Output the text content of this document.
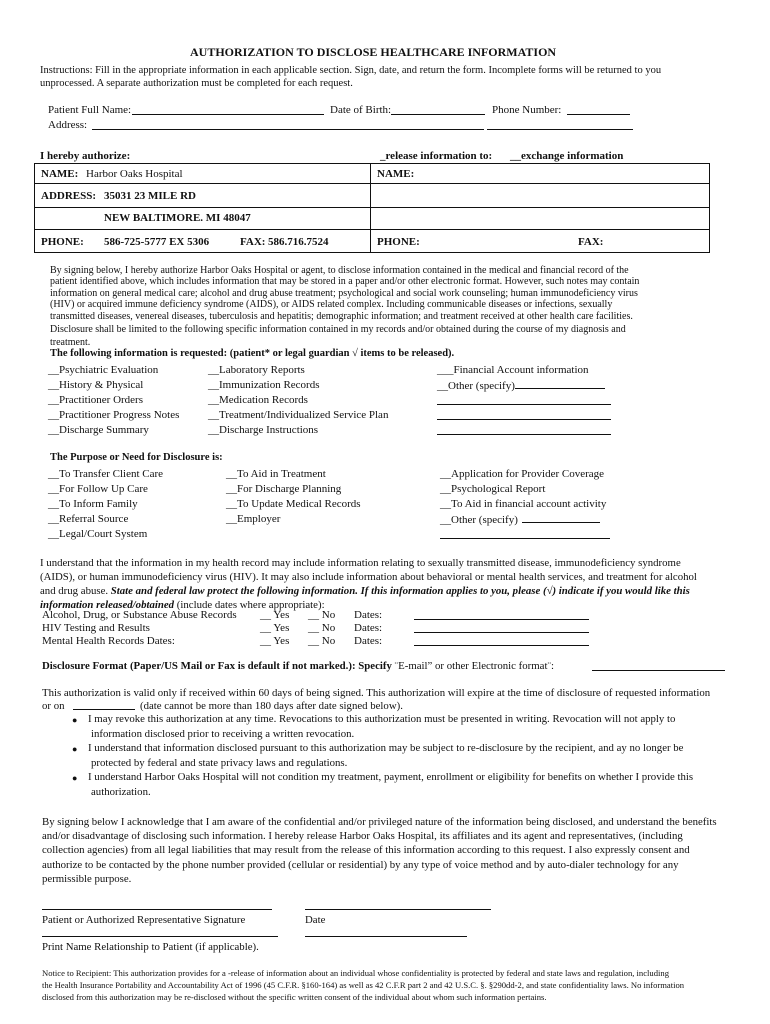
AUTHORIZATION TO DISCLOSE HEALTHCARE INFORMATION
Instructions: Fill in the appropriate information in each applicable section. Sign, date, and return the form. Incomplete forms will be returned to you
unprocessed. A separate authorization must be completed for each request.
Patient Full Name:	Date of Birth:	Phone Number:
Address:
I hereby authorize:	_release information to: __exchange information
NAME: Harbor Oaks Hospital	NAME:
ADDRESS: 35031 23 MILE RD
NEW BALTIMORE. MI 48047
PHONE: 586-725-5777 EX 5306	FAX: 586.716.7524	PHONE:	FAX:
By signing below, I hereby authorize Harbor Oaks Hospital or agent, to disclose information contained in the medical and financial record of the
patient identified above, which includes information that may be stored in a paper and/or other electronic format. However, such notes may contain
information on general medical care; alcohol and drug abuse treatment; psychological and social work counseling; human immunodeficiency virus
(HIV) or acquired immune deficiency syndrome (AIDS), or AIDS related complex. Including communicable diseases or infections, sexually
transmitted diseases, venereal diseases, tuberculosis and hepatitis; demographic information; and treatment received at other health care facilities.
Disclosure shall be limited to the following specific information contained in my records and/or obtained during the course of my diagnosis and
treatment.
The following information is requested: (patient* or legal guardian √ items to be released).
__Psychiatric Evaluation
__History & Physical
__Practitioner Orders
__Practitioner Progress Notes
__Discharge Summary
__Laboratory Reports
__Immunization Records
__Medication Records
__Treatment/Individualized Service Plan
__Discharge Instructions
___Financial Account information
__Other (specify)
The Purpose or Need for Disclosure is:
__To Transfer Client Care
__For Follow Up Care
__To Inform Family
__Referral Source
__Legal/Court System
__To Aid in Treatment
__For Discharge Planning
__To Update Medical Records
__Employer
__Application for Provider Coverage
__Psychological Report
__To Aid in financial account activity
__Other (specify)
I understand that the information in my health record may include information relating to sexually transmitted disease, immunodeficiency syndrome
(AIDS), or human immunodeficiency virus (HIV). It may also include information about behavioral or mental health services, and treatment for alcohol
and drug abuse. State and federal law protect the following information. If this information applies to you, please (√) indicate if you would like this
information released/obtained (include dates where appropriate):
Alcohol, Drug, or Substance Abuse Records __ Yes __ No Dates:
HIV Testing and Results	__ Yes __ No Dates:
Mental Health Records Dates:	__ Yes __ No Dates:
Disclosure Format (Paper/US Mail or Fax is default if not marked.): Specify ¨E-mail” or other Electronic format¨:
This authorization is valid only if received within 60 days of being signed. This authorization will expire at the time of disclosure of requested information
or on	(date cannot be more than 180 days after date signed below).
● I may revoke this authorization at any time. Revocations to this authorization must be presented in writing. Revocation will not apply to
information disclosed prior to receiving a written revocation.
● I understand that information disclosed pursuant to this authorization may be subject to re-disclosure by the recipient, and ay no longer be
protected by federal and state privacy laws and regulations.
● I understand Harbor Oaks Hospital will not condition my treatment, payment, enrollment or eligibility for benefits on whether I provide this
authorization.
By signing below I acknowledge that I am aware of the confidential and/or privileged nature of the information being disclosed, and understand the benefits
and/or disadvantage of disclosing such information. I hereby release Harbor Oaks Hospital, its affiliates and its agent and representatives, (including
collection agencies) from all legal liabilities that may result from the release of this information according to this request. I also expressly consent and
authorize to be contacted by the phone number provided (cellular or residential) by any type of voice method and by auto-dialer technology for any
permissible purpose.
Patient or Authorized Representative Signature	Date
Print Name Relationship to Patient (if applicable).
Notice to Recipient: This authorization provides for a -release of information about an individual whose confidentiality is protected by federal and state laws and regulation, including
the Health Insurance Portability and Accountability Act of 1996 (45 C.F.R. §160-164) as well as 42 C.F.R part 2 and 42 U.S.C. §. §290dd-2, and state confidentiality laws. No information
disclosed from this authorization may be re-disclosed without the specific written consent of the individual about whom such information pertains.
